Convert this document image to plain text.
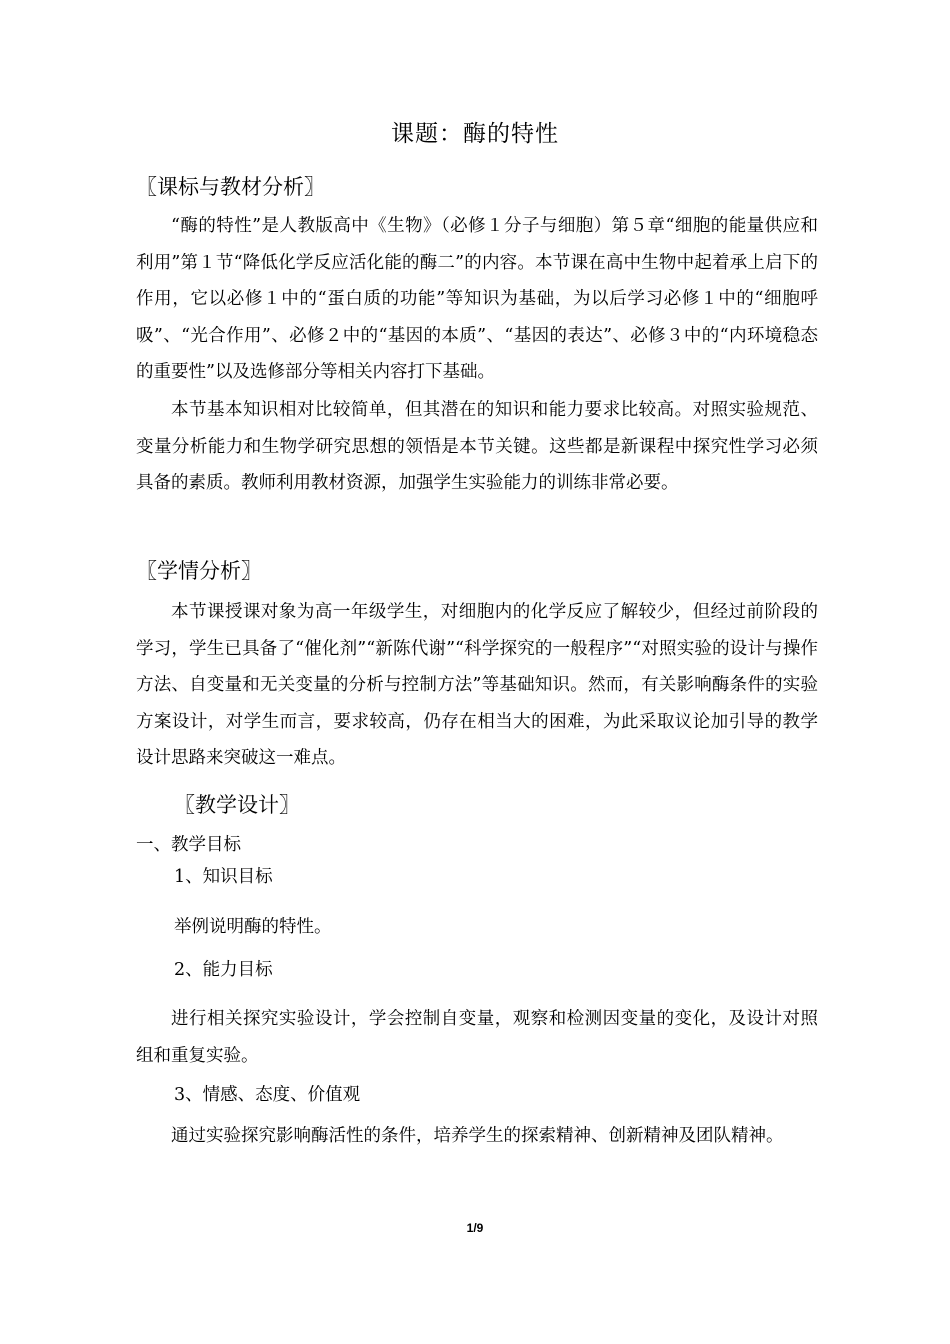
课题：酶的特性
〖课标与教材分析〗

“酶的特性”是人教版高中《生物》（必修１分子与细胞）第５章“细胞的能量供应和利用”第１节“降低化学反应活化能的酶二”的内容。本节课在高中生物中起着承上启下的作用，它以必修１中的“蛋白质的功能”等知识为基础，为以后学习必修１中的“细胞呼吸”、“光合作用”、必修２中的“基因的本质”、“基因的表达”、必修３中的“内环境稳态的重要性”以及选修部分等相关内容打下基础。

本节基本知识相对比较简单，但其潜在的知识和能力要求比较高。对照实验规范、变量分析能力和生物学研究思想的领悟是本节关键。这些都是新课程中探究性学习必须具备的素质。教师利用教材资源，加强学生实验能力的训练非常必要。

〖学情分析〗

本节课授课对象为高一年级学生，对细胞内的化学反应了解较少，但经过前阶段的学习，学生已具备了“催化剂”“新陈代谢”“科学探究的一般程序”“对照实验的设计与操作方法、自变量和无关变量的分析与控制方法”等基础知识。然而，有关影响酶条件的实验方案设计，对学生而言，要求较高，仍存在相当大的困难，为此采取议论加引导的教学设计思路来突破这一难点。

〖教学设计〗
一、教学目标
1、知识目标
举例说明酶的特性。
2、能力目标

进行相关探究实验设计，学会控制自变量，观察和检测因变量的变化，及设计对照组和重复实验。

3、情感、态度、价值观

通过实验探究影响酶活性的条件，培养学生的探索精神、创新精神及团队精神。

1/9
